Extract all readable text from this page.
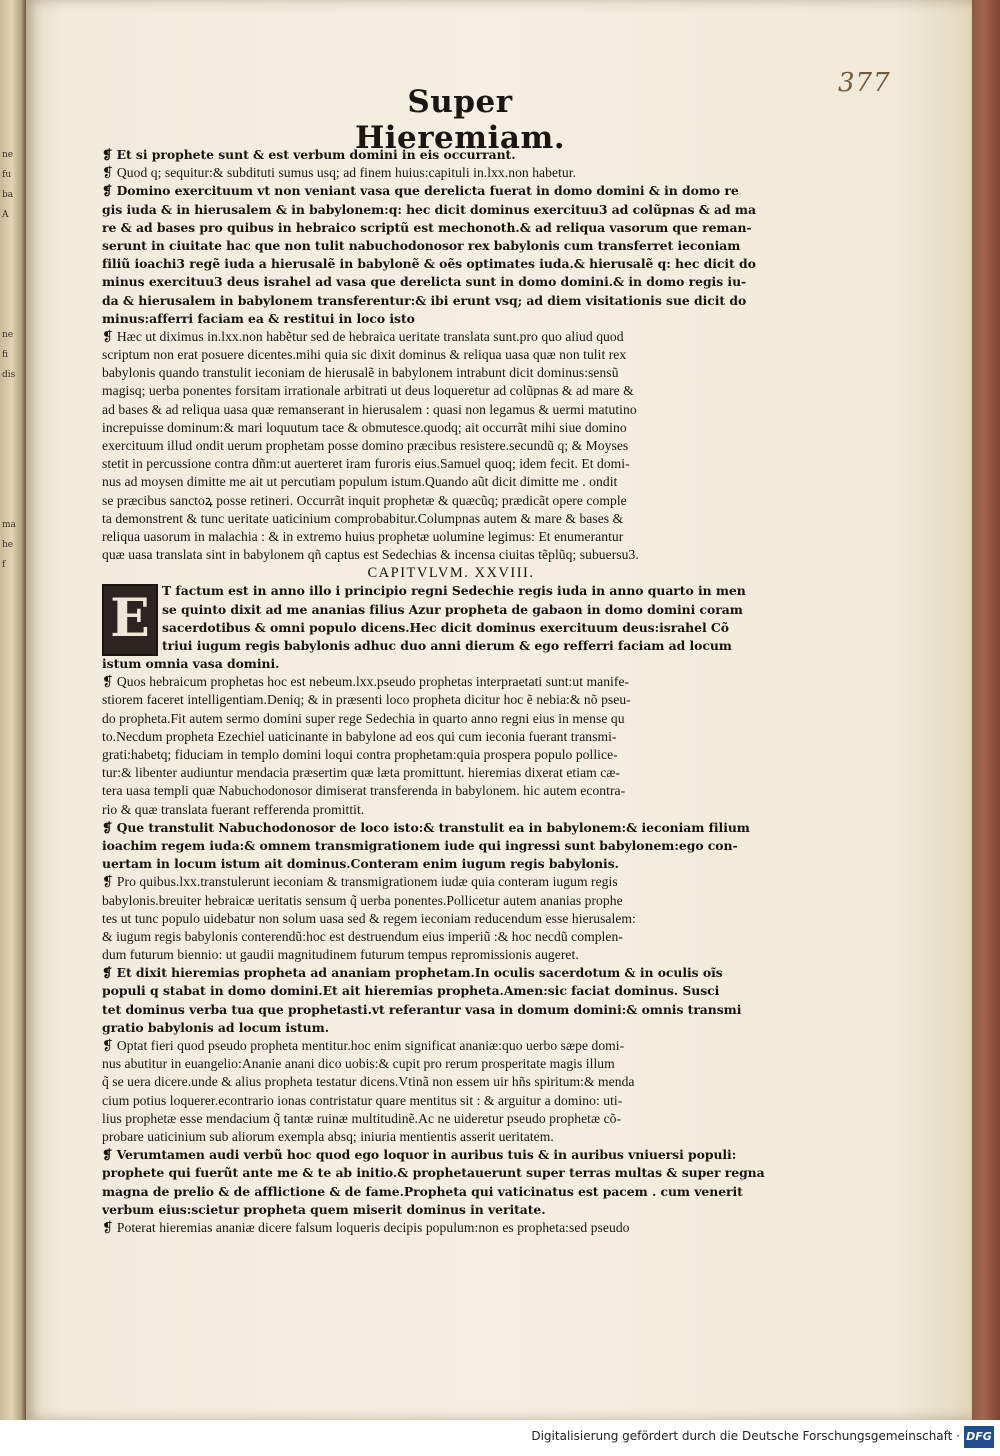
ne
fu
ba
A
ne
fi
dis
ma
he
f
377
Super Hieremiam.
❡ Et si prophete sunt & est verbum domini in eis occurrant.
❡ Quod q; sequitur:& subdituti sumus usq; ad finem huius:capituli in.lxx.non habetur.
❡ Domino exercituum vt non veniant vasa que derelicta fuerat in domo domini & in domo re
gis iuda & in hierusalem & in babylonem:q: hec dicit dominus exercituu3 ad colũpnas & ad ma
re & ad bases pro quibus in hebraico scriptũ est mechonoth.& ad reliqua vasorum que reman-
serunt in ciuitate hac que non tulit nabuchodonosor rex babylonis cum transferret ieconiam
filiũ ioachi3 regẽ iuda a hierusalẽ in babylonẽ & oẽs optimates iuda.& hierusalẽ q: hec dicit do
minus exercituu3 deus israhel ad vasa que derelicta sunt in domo domini.& in domo regis iu-
da & hierusalem in babylonem transferentur:& ibi erunt vsq; ad diem visitationis sue dicit do
minus:afferri faciam ea & restitui in loco isto
❡ Hæc ut diximus in.lxx.non habẽtur sed de hebraica ueritate translata sunt.pro quo aliud quod
scriptum non erat posuere dicentes.mihi quia sic dixit dominus & reliqua uasa quæ non tulit rex
babylonis quando transtulit ieconiam de hierusalẽ in babylonem intrabunt dicit dominus:sensũ
magisq; uerba ponentes forsitam irrationale arbitrati ut deus loqueretur ad colũpnas & ad mare &
ad bases & ad reliqua uasa quæ remanserant in hierusalem : quasi non legamus & uermi matutino
increpuisse dominum:& mari loquutum tace & obmutesce.quodq; ait occurrãt mihi siue domino
exercituum illud ondit uerum prophetam posse domino præcibus resistere.secundũ q; & Moyses
stetit in percussione contra dñm:ut auerteret iram furoris eius.Samuel quoq; idem fecit. Et domi-
nus ad moysen dimitte me ait ut percutiam populum istum.Quando aũt dicit dimitte me . ondit
se præcibus sanctoꝝ posse retineri. Occurrãt inquit prophetæ & quæcũq; prædicãt opere comple
ta demonstrent & tunc ueritate uaticinium comprobabitur.Columpnas autem & mare & bases &
reliqua uasorum in malachia : & in extremo huius prophetæ uolumine legimus: Et enumerantur
quæ uasa translata sint in babylonem qñ captus est Sedechias & incensa ciuitas tẽplũq; subuersu3.
CAPITVLVM. XXVIII.
E T factum est in anno illo i principio regni Sedechie regis iuda in anno quarto in men
se quinto dixit ad me ananias filius Azur propheta de gabaon in domo domini coram
sacerdotibus & omni populo dicens.Hec dicit dominus exercituum deus:israhel Cõ
triui iugum regis babylonis adhuc duo anni dierum & ego refferri faciam ad locum
istum omnia vasa domini.
❡ Quos hebraicum prophetas hoc est nebeum.lxx.pseudo prophetas interpraetati sunt:ut manife-
stiorem faceret intelligentiam.Deniq; & in præsenti loco propheta dicitur hoc ẽ nebia:& nõ pseu-
do propheta.Fit autem sermo domini super rege Sedechia in quarto anno regni eius in mense qu
to.Necdum propheta Ezechiel uaticinante in babylone ad eos qui cum ieconia fuerant transmi-
grati:habetq; fiduciam in templo domini loqui contra prophetam:quia prospera populo pollice-
tur:& libenter audiuntur mendacia præsertim quæ læta promittunt. hieremias dixerat etiam cæ-
tera uasa templi quæ Nabuchodonosor dimiserat transferenda in babylonem. hic autem econtra-
rio & quæ translata fuerant refferenda promittit.
❡ Que transtulit Nabuchodonosor de loco isto:& transtulit ea in babylonem:& ieconiam filium
ioachim regem iuda:& omnem transmigrationem iude qui ingressi sunt babylonem:ego con-
uertam in locum istum ait dominus.Conteram enim iugum regis babylonis.
❡ Pro quibus.lxx.transtulerunt ieconiam & transmigrationem iudæ quia conteram iugum regis
babylonis.breuiter hebraicæ ueritatis sensum q̃ uerba ponentes.Pollicetur autem ananias prophe
tes ut tunc populo uidebatur non solum uasa sed & regem ieconiam reducendum esse hierusalem:
& iugum regis babylonis conterendũ:hoc est destruendum eius imperiũ :& hoc necdũ complen-
dum futurum biennio: ut gaudii magnitudinem futurum tempus repromissionis augeret.
❡ Et dixit hieremias propheta ad ananiam prophetam.In oculis sacerdotum & in oculis oĩs
populi q stabat in domo domini.Et ait hieremias propheta.Amen:sic faciat dominus. Susci
tet dominus verba tua que prophetasti.vt referantur vasa in domum domini:& omnis transmi
gratio babylonis ad locum istum.
❡ Optat fieri quod pseudo propheta mentitur.hoc enim significat ananiæ:quo uerbo sæpe domi-
nus abutitur in euangelio:Ananie anani dico uobis:& cupit pro rerum prosperitate magis illum
q̃ se uera dicere.unde & alius propheta testatur dicens.Vtinã non essem uir hñs spiritum:& menda
cium potius loquerer.econtrario ionas contristatur quare mentitus sit : & arguitur a domino: uti-
lius prophetæ esse mendacium q̃ tantæ ruinæ multitudinẽ.Ac ne uideretur pseudo prophetæ cõ-
probare uaticinium sub aliorum exempla absq; iniuria mentientis asserit ueritatem.
❡ Verumtamen audi verbũ hoc quod ego loquor in auribus tuis & in auribus vniuersi populi:
prophete qui fuerũt ante me & te ab initio.& prophetauerunt super terras multas & super regna
magna de prelio & de afflictione & de fame.Propheta qui vaticinatus est pacem . cum venerit
verbum eius:scietur propheta quem miserit dominus in veritate.
❡ Poterat hieremias ananiæ dicere falsum loqueris decipis populum:non es propheta:sed pseudo
Digitalisierung gefördert durch die Deutsche Forschungsgemeinschaft · DFG
